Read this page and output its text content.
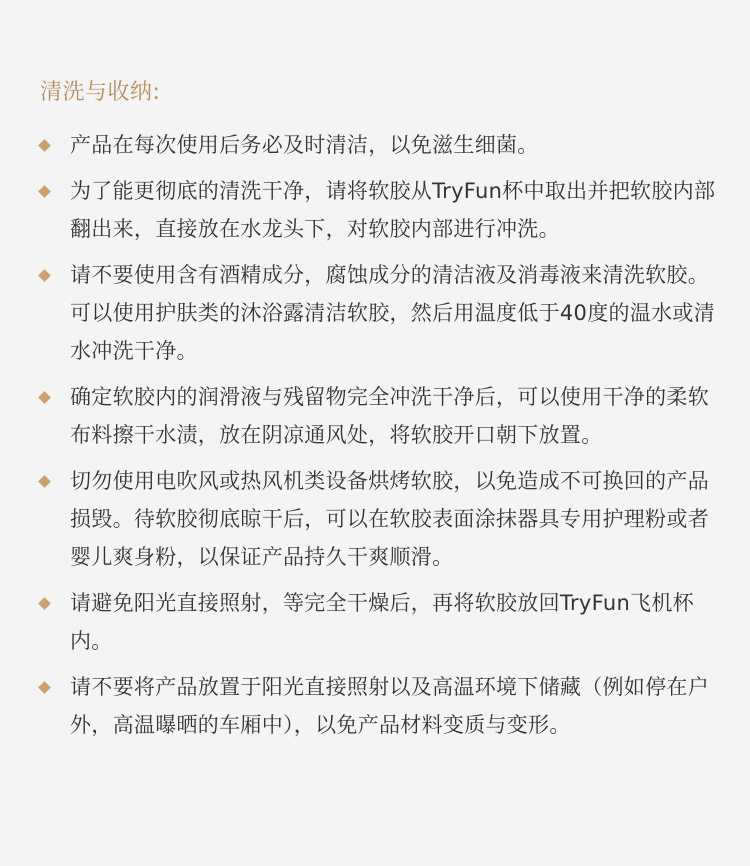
清洗与收纳:
产品在每次使用后务必及时清洁，以免滋生细菌。
为了能更彻底的清洗干净，请将软胶从TryFun杯中取出并把软胶内部翻出来，直接放在水龙头下，对软胶内部进行冲洗。
请不要使用含有酒精成分，腐蚀成分的清洁液及消毒液来清洗软胶。可以使用护肤类的沐浴露清洁软胶，然后用温度低于40度的温水或清水冲洗干净。
确定软胶内的润滑液与残留物完全冲洗干净后，可以使用干净的柔软布料擦干水渍，放在阴凉通风处，将软胶开口朝下放置。
切勿使用电吹风或热风机类设备烘烤软胶，以免造成不可换回的产品损毁。待软胶彻底晾干后，可以在软胶表面涂抹器具专用护理粉或者婴儿爽身粉，以保证产品持久干爽顺滑。
请避免阳光直接照射，等完全干燥后，再将软胶放回TryFun飞机杯内。
请不要将产品放置于阳光直接照射以及高温环境下储藏（例如停在户外，高温曝晒的车厢中），以免产品材料变质与变形。
